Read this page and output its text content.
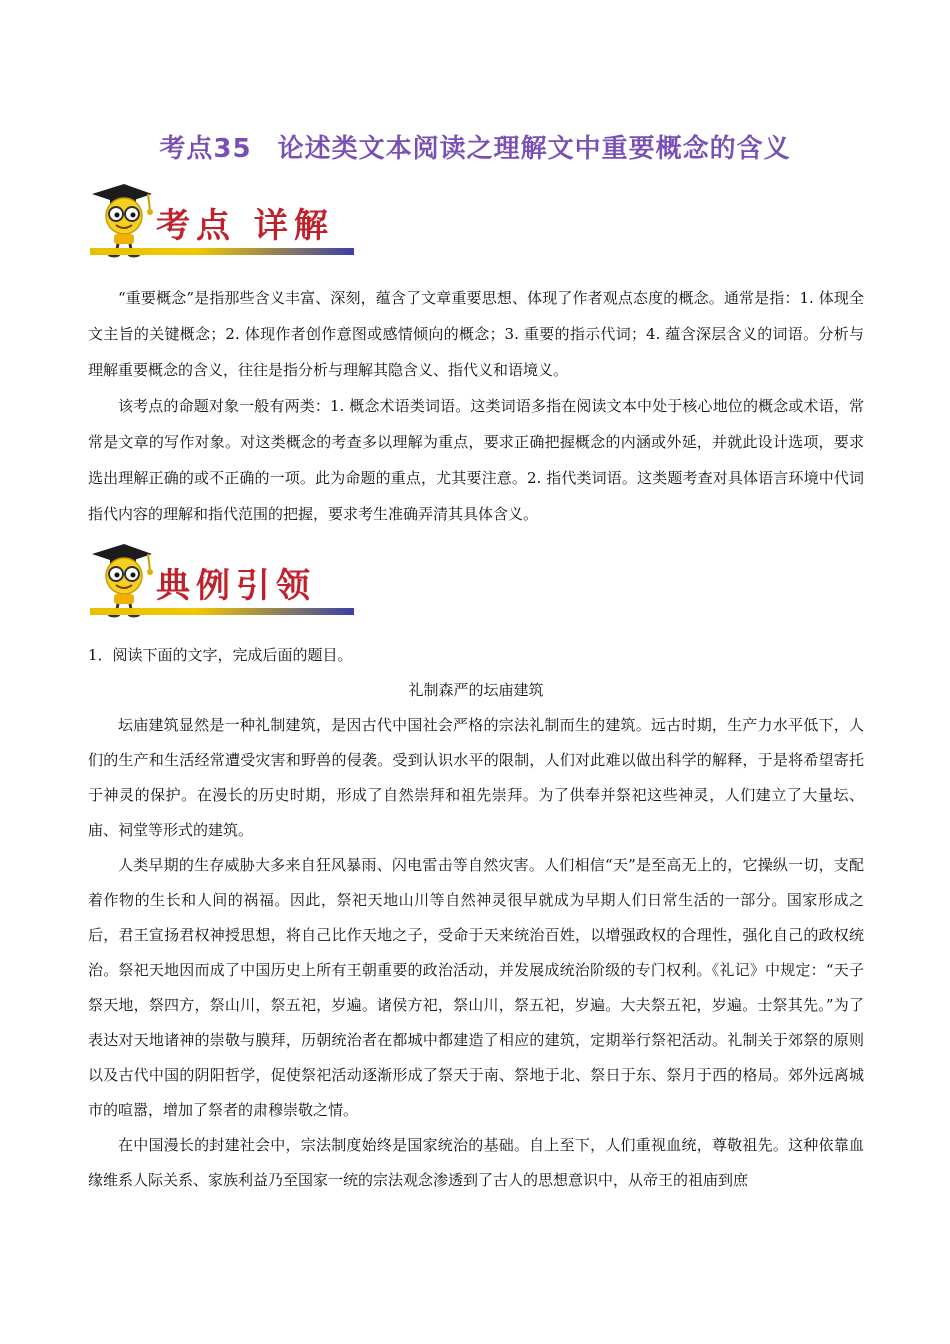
考点35 论述类文本阅读之理解文中重要概念的含义
考点 详解

“重要概念”是指那些含义丰富、深刻，蕴含了文章重要思想、体现了作者观点态度的概念。通常是指：1. 体现全文主旨的关键概念；2. 体现作者创作意图或感情倾向的概念；3. 重要的指示代词；4. 蕴含深层含义的词语。分析与理解重要概念的含义，往往是指分析与理解其隐含义、指代义和语境义。

该考点的命题对象一般有两类：1. 概念术语类词语。这类词语多指在阅读文本中处于核心地位的概念或术语，常常是文章的写作对象。对这类概念的考查多以理解为重点，要求正确把握概念的内涵或外延，并就此设计选项，要求选出理解正确的或不正确的一项。此为命题的重点，尤其要注意。2. 指代类词语。这类题考查对具体语言环境中代词指代内容的理解和指代范围的把握，要求考生准确弄清其具体含义。

典例引领

1．阅读下面的文字，完成后面的题目。

礼制森严的坛庙建筑

坛庙建筑显然是一种礼制建筑，是因古代中国社会严格的宗法礼制而生的建筑。远古时期，生产力水平低下，人们的生产和生活经常遭受灾害和野兽的侵袭。受到认识水平的限制，人们对此难以做出科学的解释，于是将希望寄托于神灵的保护。在漫长的历史时期，形成了自然崇拜和祖先崇拜。为了供奉并祭祀这些神灵，人们建立了大量坛、庙、祠堂等形式的建筑。

人类早期的生存威胁大多来自狂风暴雨、闪电雷击等自然灾害。人们相信“天”是至高无上的，它操纵一切，支配着作物的生长和人间的祸福。因此，祭祀天地山川等自然神灵很早就成为早期人们日常生活的一部分。国家形成之后，君王宣扬君权神授思想，将自己比作天地之子，受命于天来统治百姓，以增强政权的合理性，强化自己的政权统治。祭祀天地因而成了中国历史上所有王朝重要的政治活动，并发展成统治阶级的专门权利。《礼记》中规定：“天子祭天地，祭四方，祭山川，祭五祀，岁遍。诸侯方祀，祭山川，祭五祀，岁遍。大夫祭五祀，岁遍。士祭其先。”为了表达对天地诸神的崇敬与膜拜，历朝统治者在都城中都建造了相应的建筑，定期举行祭祀活动。礼制关于郊祭的原则以及古代中国的阴阳哲学，促使祭祀活动逐渐形成了祭天于南、祭地于北、祭日于东、祭月于西的格局。郊外远离城市的喧嚣，增加了祭者的肃穆崇敬之情。

在中国漫长的封建社会中，宗法制度始终是国家统治的基础。自上至下，人们重视血统，尊敬祖先。这种依靠血缘维系人际关系、家族利益乃至国家一统的宗法观念渗透到了古人的思想意识中，从帝王的祖庙到庶
